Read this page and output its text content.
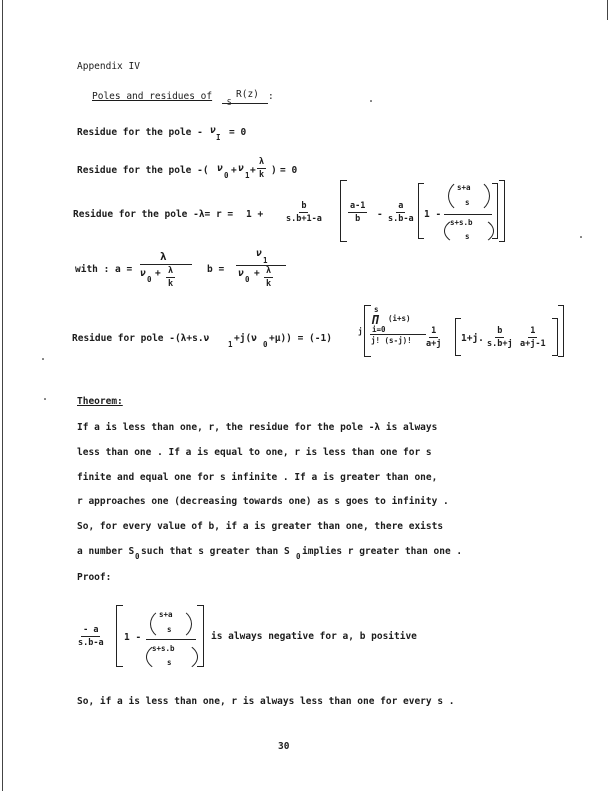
Appendix IV
Poles and residues of	R(z)
S
:
Residue for the pole - ν
I = 0
Residue for the pole -( ν
0 + ν
$1 + \frac{\lambda}{k}$ ) = 0
Residue for the pole $-\lambda= r = 1 + \frac{b}{s.b+1-a}$	$\frac{a-1}{b} - \frac{a}{s.b-a} 1$ -
s+a
s
s+s.b
s
with : a =
λ
ν
0
+ $\frac{\lambda}{k}$	b =
ν
1
ν
0
+ $\frac{\lambda}{k}$
Residue for pole -(λ+s.ν
1
+j(ν
0
+μ)) = (-1)
j
s
Π (i+s)
i=0
j! (s-j)! $\frac{1}{a+j} 1+j$. $\frac{b}{s.b+j} \frac{1}{a+j-1}$
Theorem:
If a is less than one, r, the residue for the pole -λ is always
less than one . If a is equal to one, r is less than one for s
finite and equal one for s infinite . If a is greater than one,
r approaches one (decreasing towards one) as s goes to infinity .
So, for every value of b, if a is greater than one, there exists
a number S 0 such that s greater than S 0 implies r greater than one .
Proof:
$\frac{- a}{s.b-a} 1$ -
s+a
s
s+s.b
s
is always negative for a, b positive
So, if a is less than one, r is always less than one for every s .
30
